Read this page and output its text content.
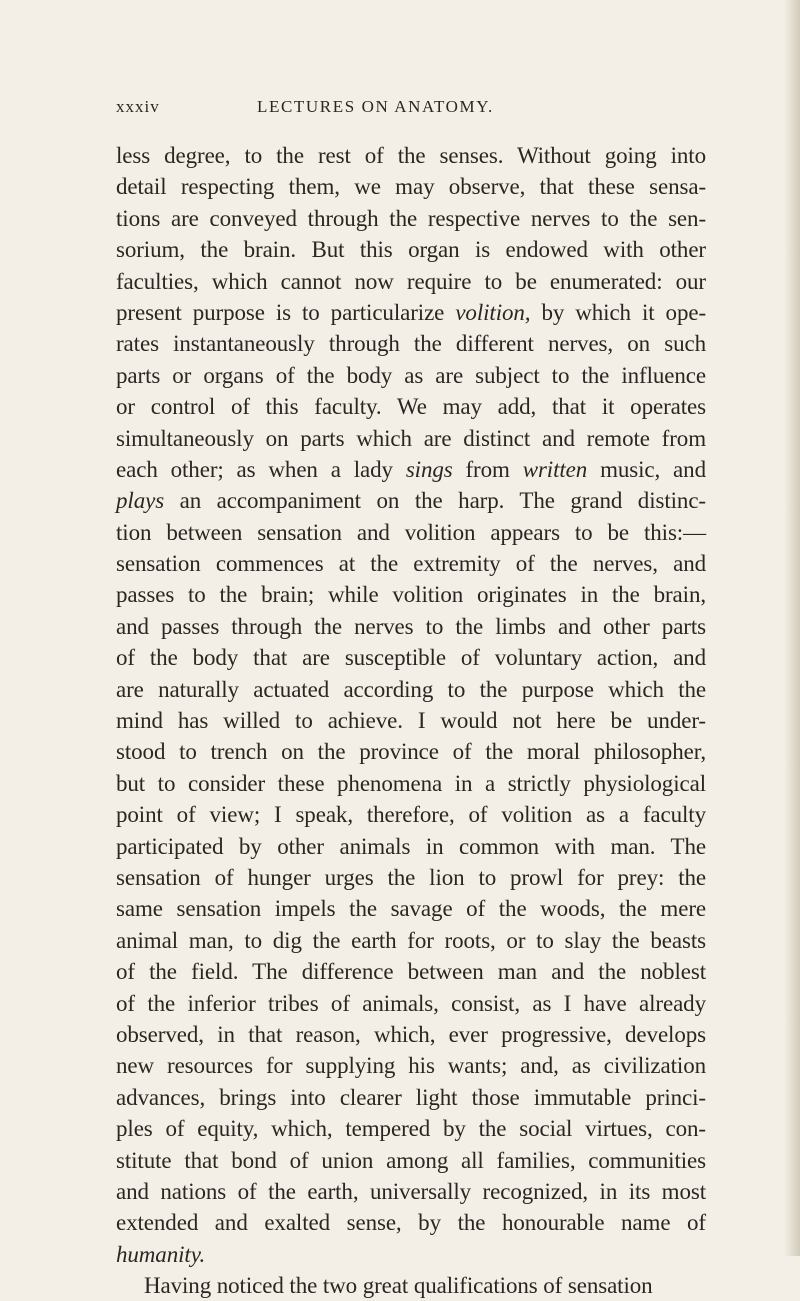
xxxiv	LECTURES ON ANATOMY.
less degree, to the rest of the senses. Without going into
detail respecting them, we may observe, that these sensa-
tions are conveyed through the respective nerves to the sen-
sorium, the brain. But this organ is endowed with other
faculties, which cannot now require to be enumerated: our
present purpose is to particularize volition, by which it ope-
rates instantaneously through the different nerves, on such
parts or organs of the body as are subject to the influence
or control of this faculty. We may add, that it operates
simultaneously on parts which are distinct and remote from
each other; as when a lady sings from written music, and
plays an accompaniment on the harp. The grand distinc-
tion between sensation and volition appears to be this:—
sensation commences at the extremity of the nerves, and
passes to the brain; while volition originates in the brain,
and passes through the nerves to the limbs and other parts
of the body that are susceptible of voluntary action, and
are naturally actuated according to the purpose which the
mind has willed to achieve. I would not here be under-
stood to trench on the province of the moral philosopher,
but to consider these phenomena in a strictly physiological
point of view; I speak, therefore, of volition as a faculty
participated by other animals in common with man. The
sensation of hunger urges the lion to prowl for prey: the
same sensation impels the savage of the woods, the mere
animal man, to dig the earth for roots, or to slay the beasts
of the field. The difference between man and the noblest
of the inferior tribes of animals, consist, as I have already
observed, in that reason, which, ever progressive, develops
new resources for supplying his wants; and, as civilization
advances, brings into clearer light those immutable princi-
ples of equity, which, tempered by the social virtues, con-
stitute that bond of union among all families, communities
and nations of the earth, universally recognized, in its most
extended and exalted sense, by the honourable name of
humanity.
Having noticed the two great qualifications of sensation
